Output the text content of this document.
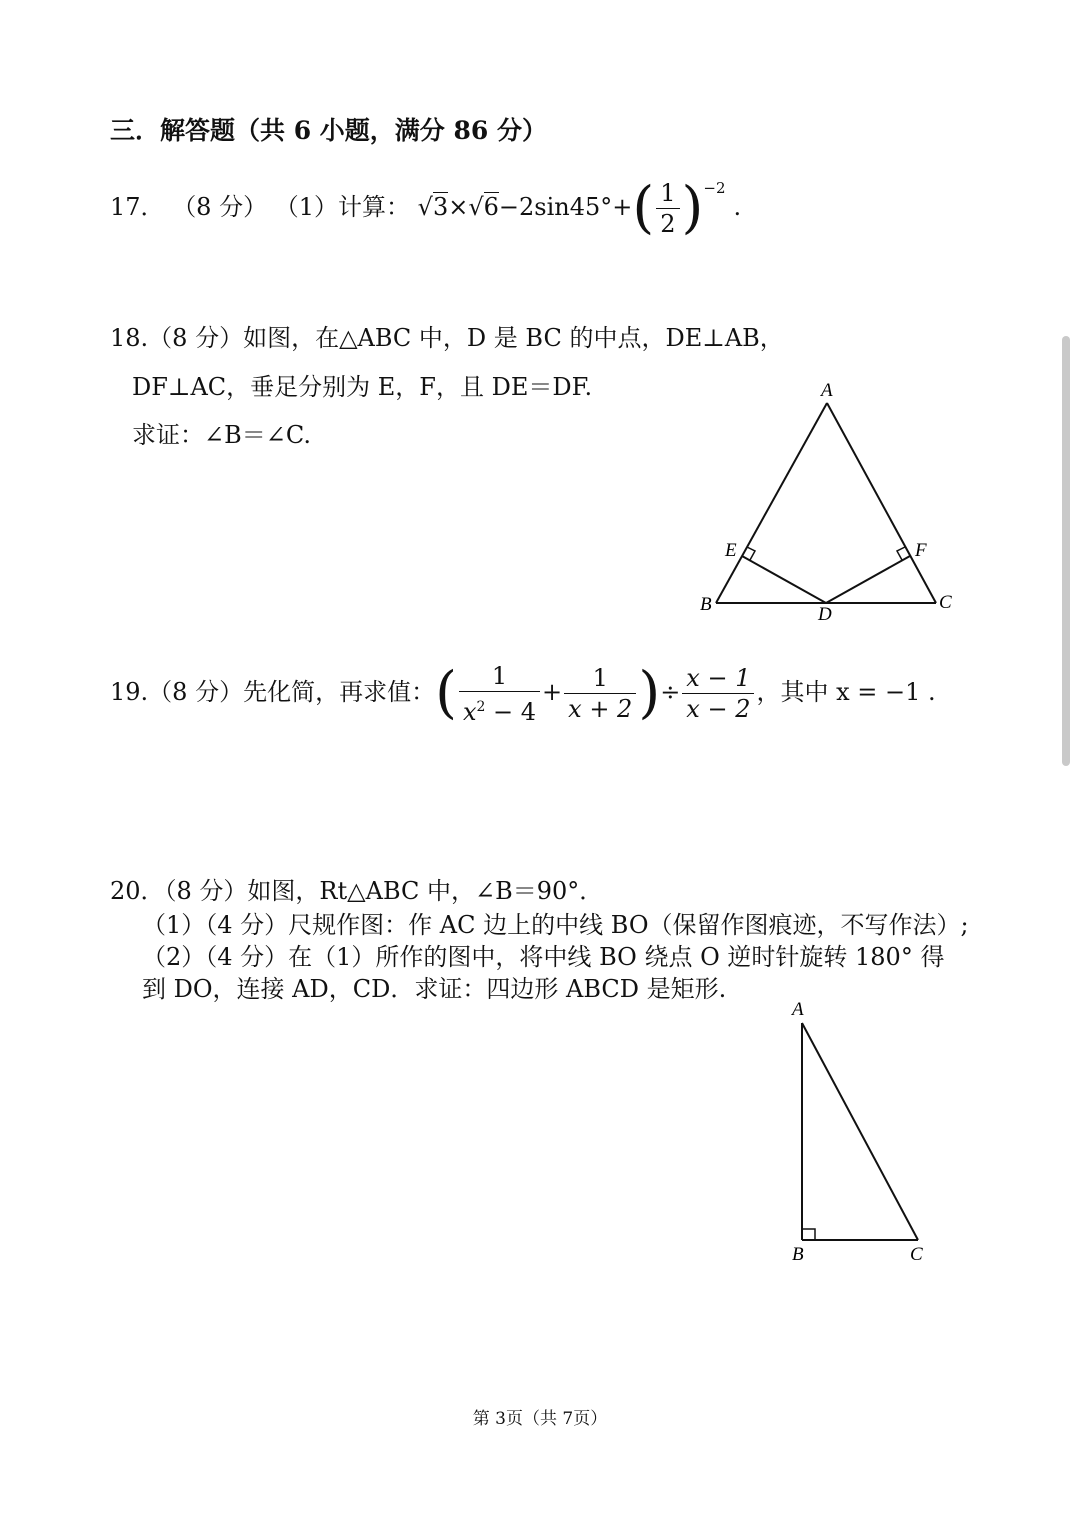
三．解答题（共 6 小题，满分 86 分）
17． （8 分） （1）计算： $√3\times√6-2\sin 45^\circ+( \frac{1}{2} )^{-2}$.
18.（8 分）如图，在△ABC 中，D 是 BC 的中点，DE⊥AB，
DF⊥AC，垂足分别为 E，F，且 DE＝DF.
求证：∠B＝∠C.
A
B	C
D
E	F
19.（8 分）先化简，再求值：( $\frac{1}{x^2 - 4} + \frac{1}{x + 2}$ )÷ $\frac{x - 1}{x - 2}$ ，其中 x = −1 .
20．（8 分）如图，Rt△ABC 中，∠B＝90°．
（1）（4 分）尺规作图：作 AC 边上的中线 BO（保留作图痕迹，不写作法）;
（2）（4 分）在（1）所作的图中，将中线 BO 绕点 O 逆时针旋转 180° 得
到 DO，连接 AD，CD．求证：四边形 ABCD 是矩形.
A
B	C
第 3页（共 7页）
